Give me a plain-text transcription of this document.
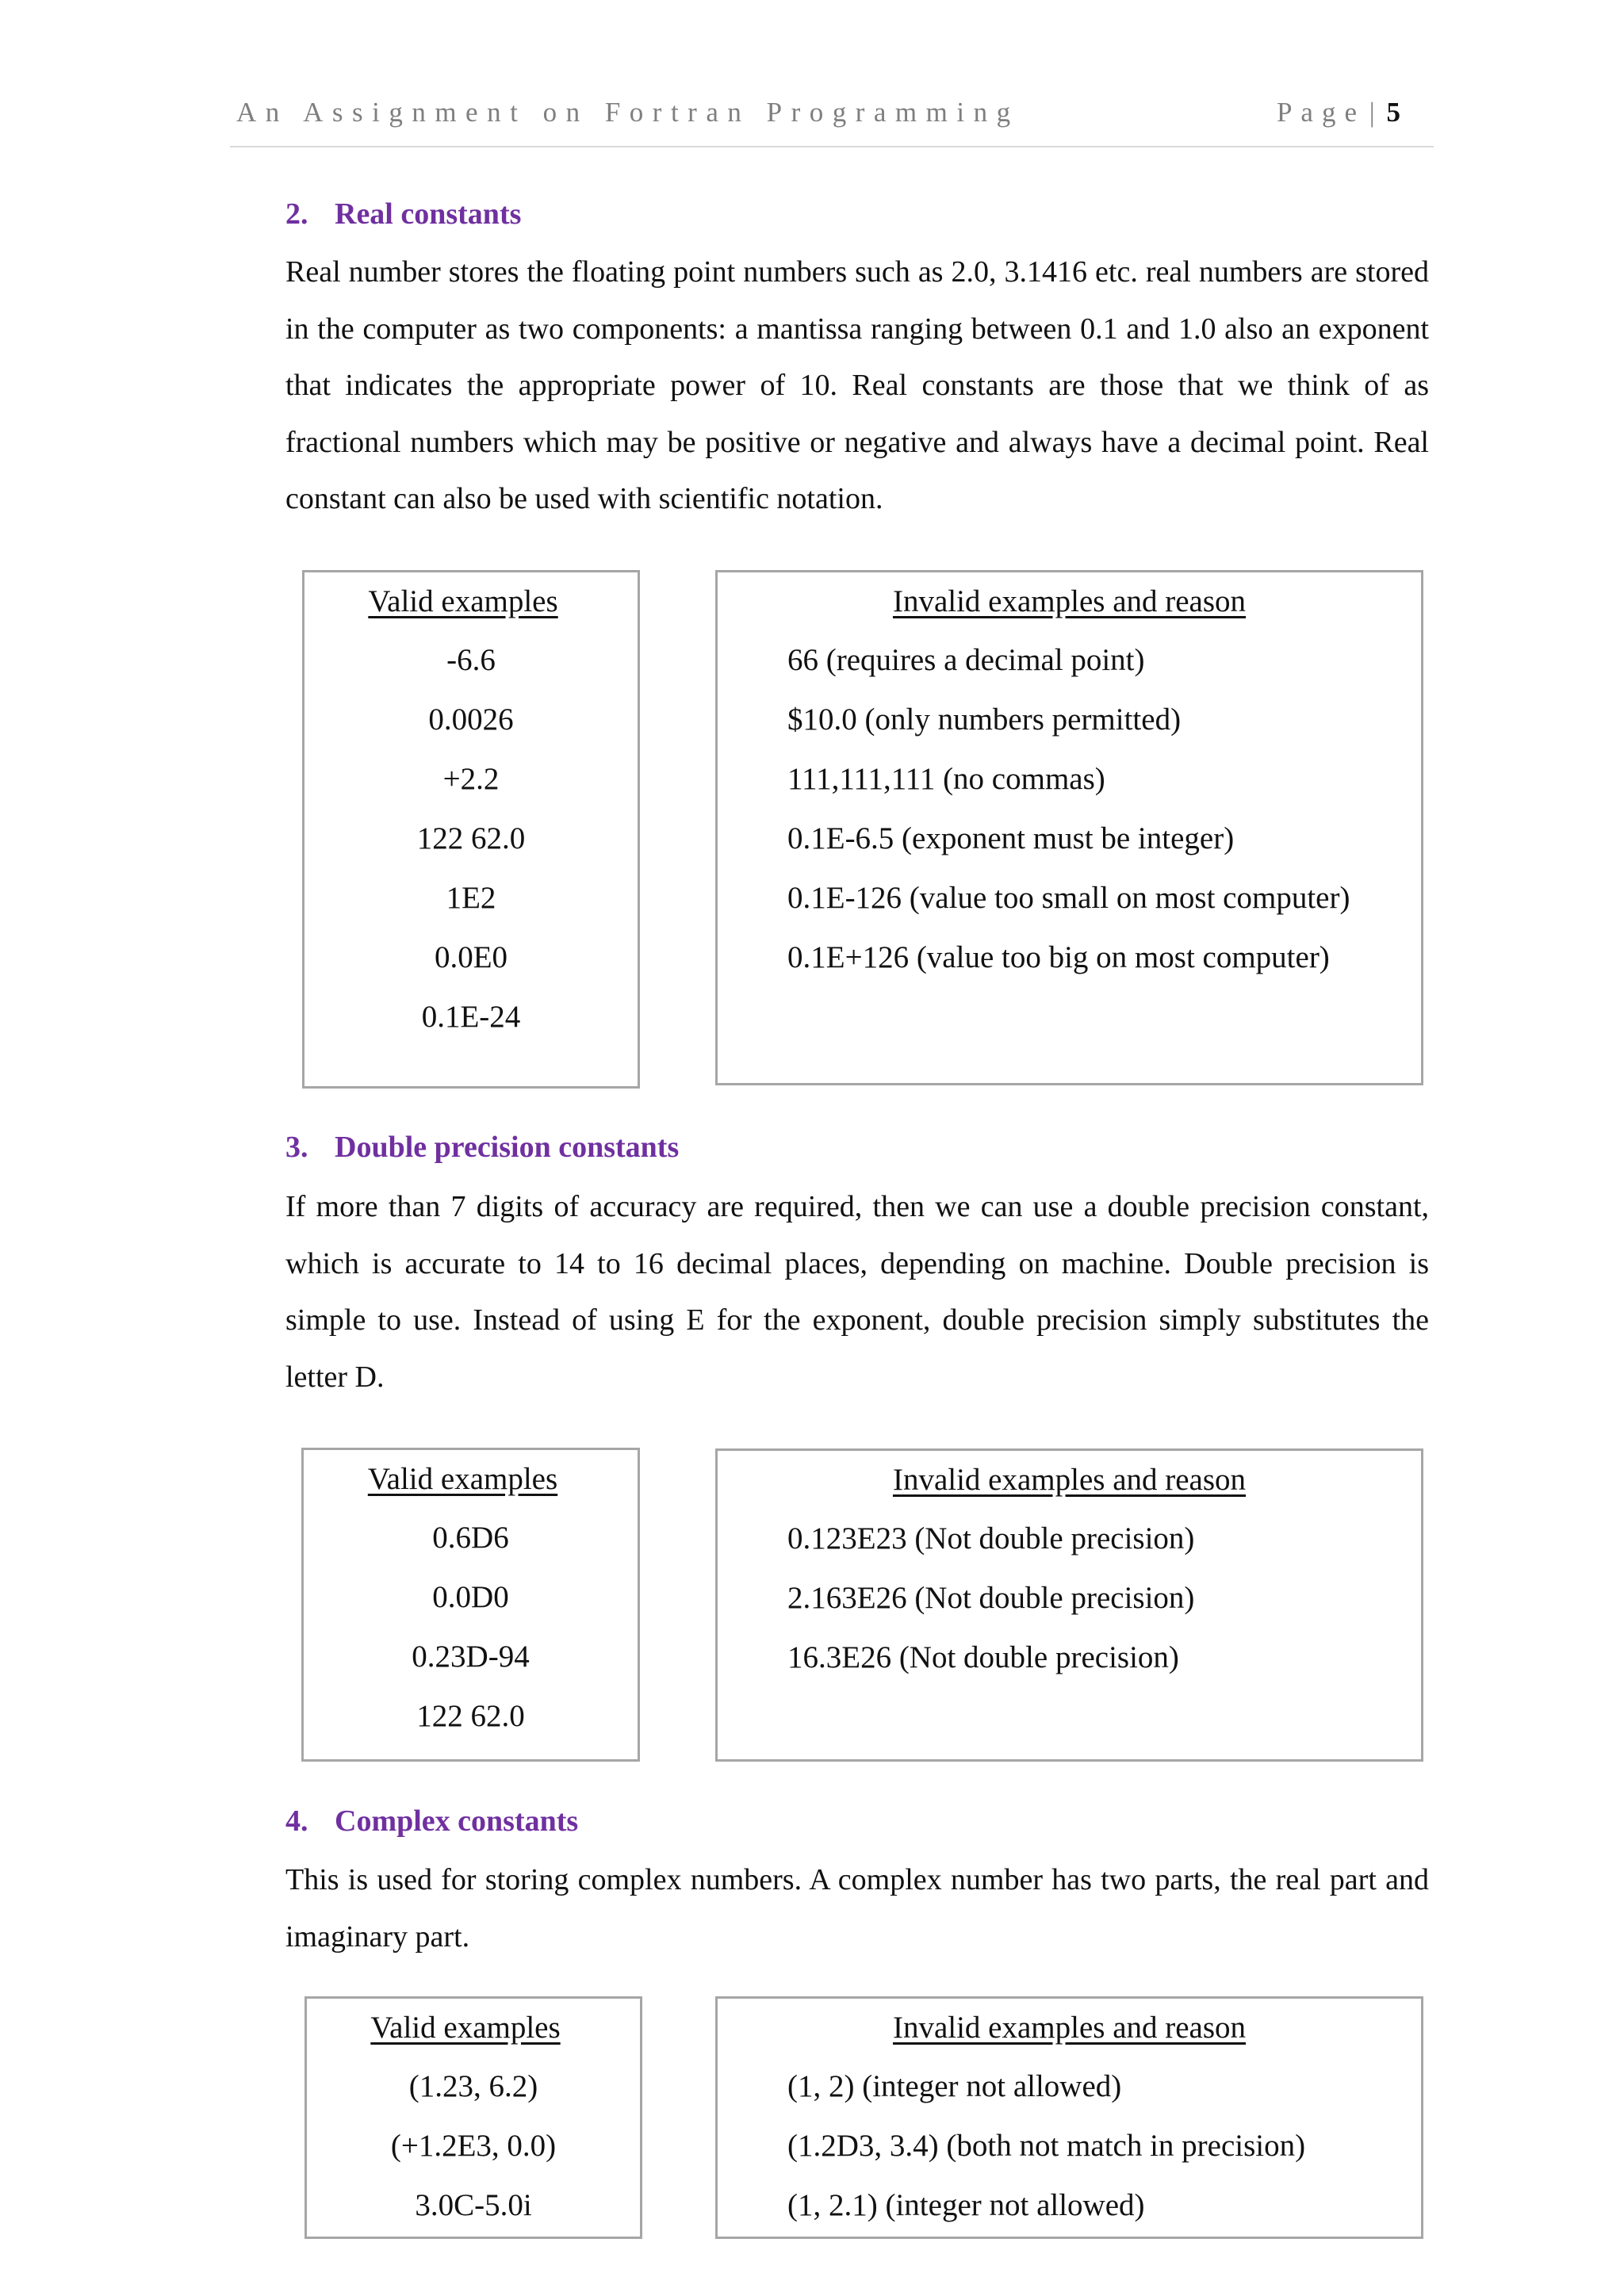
An Assignment on Fortran Programming	Page | 5
2. Real constants

Real number stores the floating point numbers such as 2.0, 3.1416 etc. real numbers are stored in the computer as two components: a mantissa ranging between 0.1 and 1.0 also an exponent that indicates the appropriate power of 10. Real constants are those that we think of as fractional numbers which may be positive or negative and always have a decimal point. Real constant can also be used with scientific notation.

Valid examples
-6.6
0.0026
+2.2
122 62.0
1E2
0.0E0
0.1E-24
Invalid examples and reason
66 (requires a decimal point)
$10.0 (only numbers permitted)
111,111,111 (no commas)
0.1E-6.5 (exponent must be integer)
0.1E-126 (value too small on most computer)
0.1E+126 (value too big on most computer)
3. Double precision constants

If more than 7 digits of accuracy are required, then we can use a double precision constant, which is accurate to 14 to 16 decimal places, depending on machine. Double precision is simple to use. Instead of using E for the exponent, double precision simply substitutes the letter D.

Valid examples
0.6D6
0.0D0
0.23D-94
122 62.0
Invalid examples and reason
0.123E23 (Not double precision)
2.163E26 (Not double precision)
16.3E26 (Not double precision)
4. Complex constants

This is used for storing complex numbers. A complex number has two parts, the real part and imaginary part.

Valid examples
(1.23, 6.2)
(+1.2E3, 0.0)
3.0C-5.0i
Invalid examples and reason
(1, 2) (integer not allowed)
(1.2D3, 3.4) (both not match in precision)
(1, 2.1) (integer not allowed)
